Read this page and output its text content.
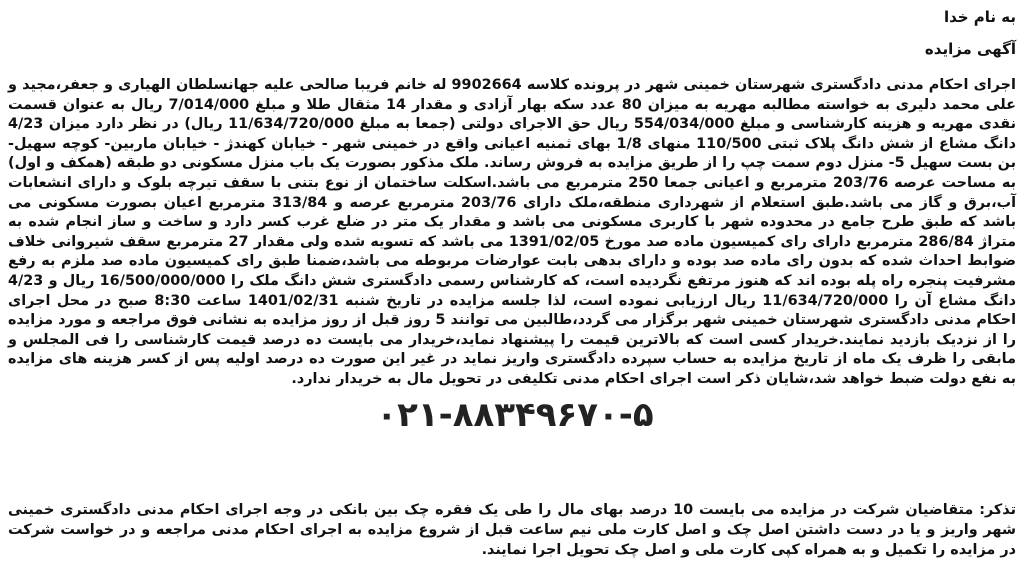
به نام خدا
آگهی مزایده
اجرای احکام مدنی دادگستری شهرستان خمینی شهر در پرونده کلاسه 9902664 له خانم فریبا صالحی علیه جهانسلطان الهیاری و جعفر،مجید و علی محمد دلیری به خواسته مطالبه مهریه به میزان 80 عدد سکه بهار آزادی و مقدار 14 مثقال طلا و مبلغ 7/014/000 ریال به عنوان قسمت نقدی مهریه و هزینه کارشناسی و مبلغ 554/034/000 ریال حق الاجرای دولتی (جمعا به مبلغ 11/634/720/000 ریال) در نظر دارد میزان 4/23 دانگ مشاع از شش دانگ پلاک ثبتی 110/500 منهای 1/8 بهای ثمنیه اعیانی واقع در خمینی شهر - خیابان کهندژ - خیابان ماربین- کوچه سهیل- بن بست سهیل 5- منزل دوم سمت چپ را از طریق مزایده به فروش رساند. ملک مذکور بصورت یک باب منزل مسکونی دو طبقه (همکف و اول) به مساحت عرصه 203/76 مترمربع و اعیانی جمعا 250 مترمربع می باشد.اسکلت ساختمان از نوع بتنی با سقف تیرچه بلوک و دارای انشعابات آب،برق و گاز می باشد.طبق استعلام از شهرداری منطقه،ملک دارای 203/76 مترمربع عرصه و 313/84 مترمربع اعیان بصورت مسکونی می باشد که طبق طرح جامع در محدوده شهر با کاربری مسکونی می باشد و مقدار یک متر در ضلع غرب کسر دارد و ساخت و ساز انجام شده به متراژ 286/84 مترمربع دارای رای کمیسیون ماده صد مورخ 1391/02/05 می باشد که تسویه شده ولی مقدار 27 مترمربع سقف شیروانی خلاف ضوابط احداث شده که بدون رای ماده صد بوده و دارای بدهی بابت عوارضات مربوطه می باشد،ضمنا طبق رای کمیسیون ماده صد ملزم به رفع مشرفیت پنجره راه پله بوده اند که هنوز مرتفع نگردیده است، که کارشناس رسمی دادگستری شش دانگ ملک را 16/500/000/000 ریال و 4/23 دانگ مشاع آن را 11/634/720/000 ریال ارزیابی نموده است، لذا جلسه مزایده در تاریخ شنبه 1401/02/31 ساعت 8:30 صبح در محل اجرای احکام مدنی دادگستری شهرستان خمینی شهر برگزار می گردد،طالبین می توانند 5 روز قبل از روز مزایده به نشانی فوق مراجعه و مورد مزایده را از نزدیک بازدید نمایند.خریدار کسی است که بالاترین قیمت را پیشنهاد نماید،خریدار می بایست ده درصد قیمت کارشناسی را فی المجلس و مابقی را ظرف یک ماه از تاریخ مزایده به حساب سپرده دادگستری واریز نماید در غیر این صورت ده درصد اولیه پس از کسر هزینه های مزایده به نفع دولت ضبط خواهد شد،شایان ذکر است اجرای احکام مدنی تکلیفی در تحویل مال به خریدار ندارد.
۰۲۱-۸۸۳۴۹۶۷۰-۵
تذکر: متقاضیان شرکت در مزایده می بایست 10 درصد بهای مال را طی یک فقره چک بین بانکی در وجه اجرای احکام مدنی دادگستری خمینی شهر واریز و یا در دست داشتن اصل چک و اصل کارت ملی نیم ساعت قبل از شروع مزایده به اجرای احکام مدنی مراجعه و در خواست شرکت در مزایده را تکمیل و به همراه کپی کارت ملی و اصل چک تحویل اجرا نمایند.
